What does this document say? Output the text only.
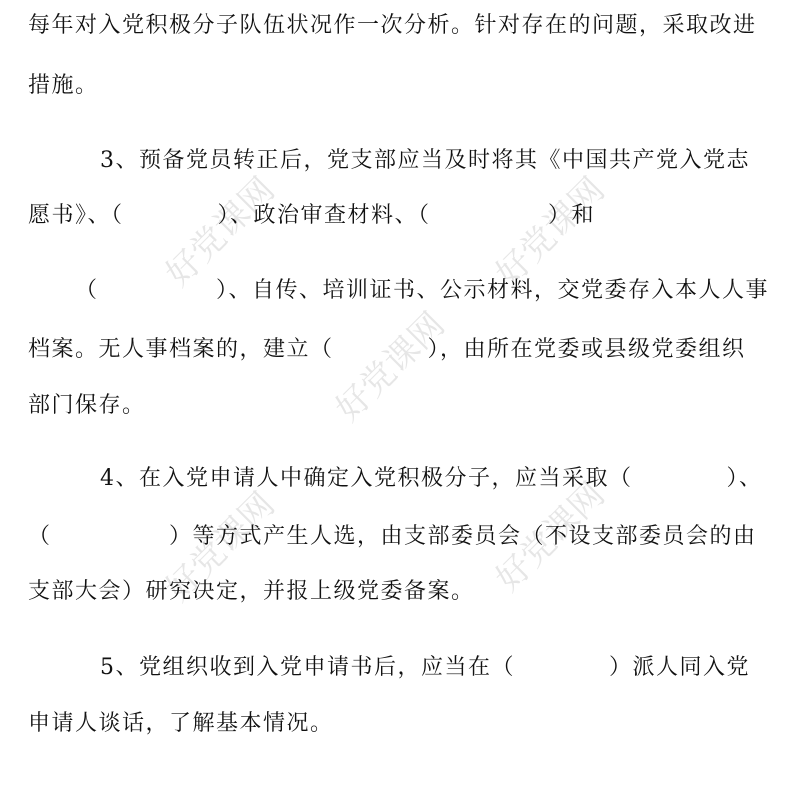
好党课网	好党课网
好党课网
好党课网	好党课网
每年对入党积极分子队伍状况作一次分析。针对存在的问题，采取改进
措施。
3、预备党员转正后，党支部应当及时将其《中国共产党入党志
愿书》、（　　　　）、政治审查材料、（　　　　　）和
（　　　　　）、自传、培训证书、公示材料，交党委存入本人人事
档案。无人事档案的，建立（　　　　），由所在党委或县级党委组织
部门保存。
4、在入党申请人中确定入党积极分子，应当采取（　　　　）、
（　　　　　）等方式产生人选，由支部委员会（不设支部委员会的由
支部大会）研究决定，并报上级党委备案。
5、党组织收到入党申请书后，应当在（　　　　）派人同入党
申请人谈话，了解基本情况。
